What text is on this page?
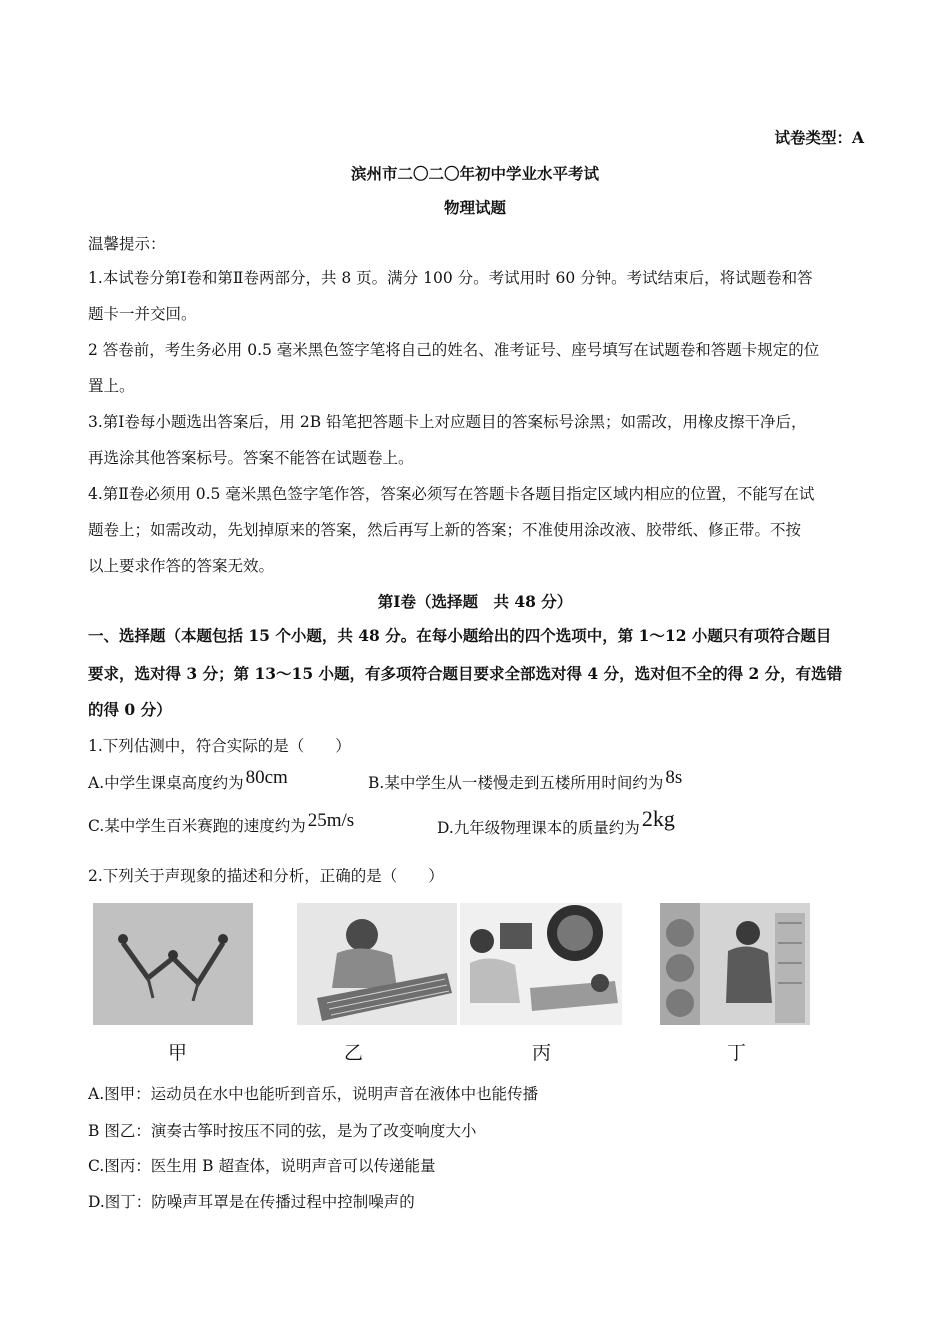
试卷类型：A
滨州市二〇二〇年初中学业水平考试
物理试题
温馨提示：
1.本试卷分第Ⅰ卷和第Ⅱ卷两部分，共 8 页。满分 100 分。考试用时 60 分钟。考试结束后，将试题卷和答
题卡一并交回。
2 答卷前，考生务必用 0.5 毫米黑色签字笔将自己的姓名、准考证号、座号填写在试题卷和答题卡规定的位
置上。
3.第Ⅰ卷每小题选出答案后，用 2B 铅笔把答题卡上对应题目的答案标号涂黑；如需改，用橡皮擦干净后，
再选涂其他答案标号。答案不能答在试题卷上。
4.第Ⅱ卷必须用 0.5 毫米黑色签字笔作答，答案必须写在答题卡各题目指定区域内相应的位置，不能写在试
题卷上；如需改动，先划掉原来的答案，然后再写上新的答案；不准使用涂改液、胶带纸、修正带。不按
以上要求作答的答案无效。
第Ⅰ卷（选择题　共 48 分）
一、选择题（本题包括 15 个小题，共 48 分。在每小题给出的四个选项中，第 1～12 小题只有项符合题目
要求，选对得 3 分；第 13～15 小题，有多项符合题目要求全部选对得 4 分，选对但不全的得 2 分，有选错
的得 0 分）
1.下列估测中，符合实际的是（　　）
A.中学生课桌高度约为 80cm	B.某中学生从一楼慢走到五楼所用时间约为 8s
C.某中学生百米赛跑的速度约为 25m/s	D.九年级物理课本的质量约为2kg
2.下列关于声现象的描述和分析，正确的是（　　）
甲	乙	丙	丁
A.图甲：运动员在水中也能听到音乐，说明声音在液体中也能传播
B 图乙：演奏古筝时按压不同的弦，是为了改变响度大小
C.图丙：医生用 B 超查体，说明声音可以传递能量
D.图丁：防噪声耳罩是在传播过程中控制噪声的
